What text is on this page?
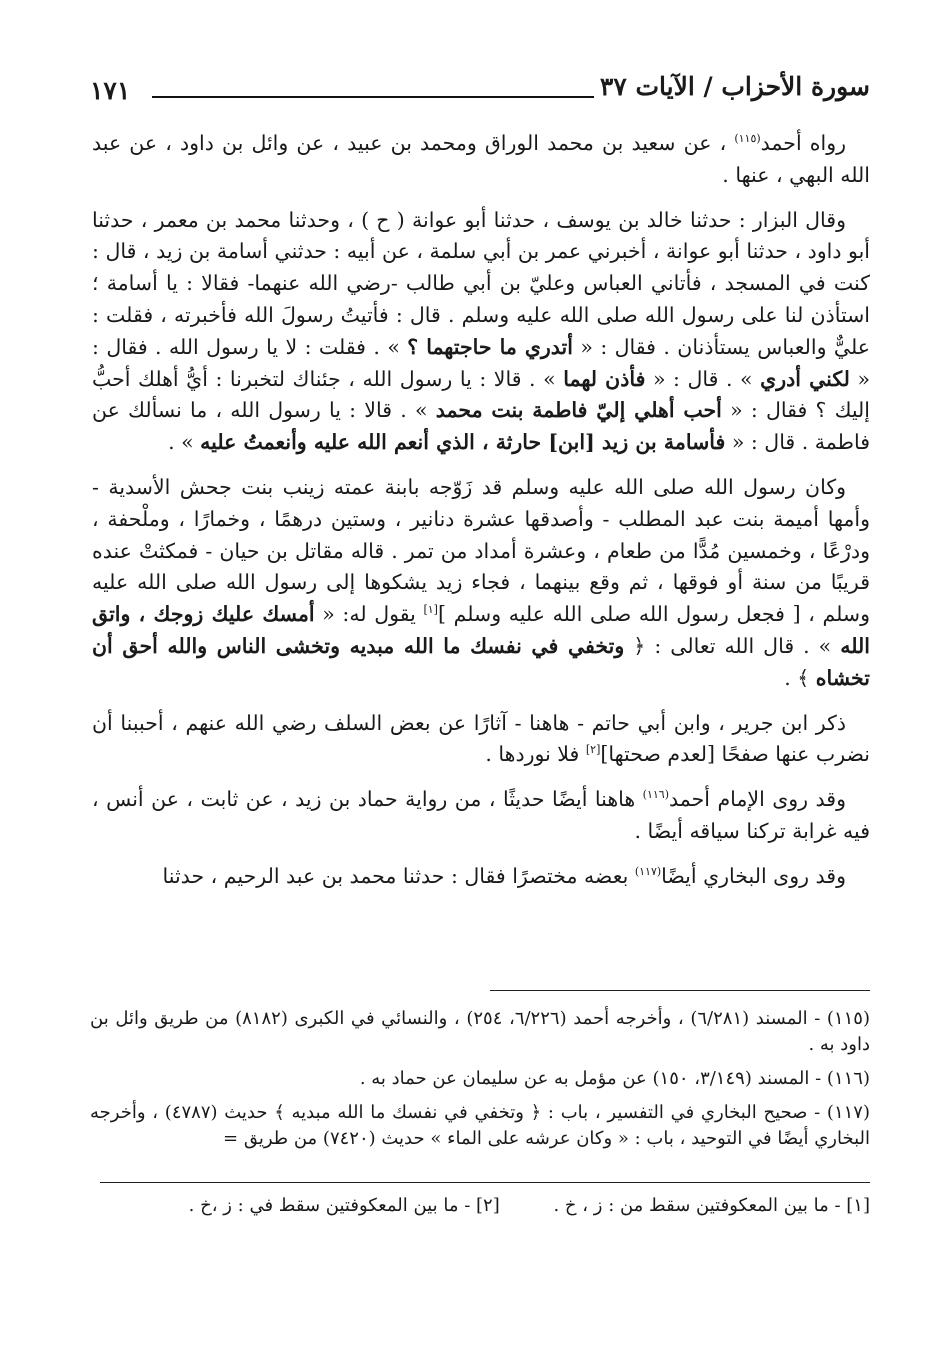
سورة الأحزاب / الآيات ٣٧
١٧١

رواه أحمد$^{(١١٥)}$ ، عن سعيد بن محمد الوراق ومحمد بن عبيد ، عن وائل بن داود ، عن عبد الله البهي ، عنها .

وقال البزار : حدثنا خالد بن يوسف ، حدثنا أبو عوانة ( ح ) ، وحدثنا محمد بن معمر ، حدثنا أبو داود ، حدثنا أبو عوانة ، أخبرني عمر بن أبي سلمة ، عن أبيه : حدثني أسامة بن زيد ، قال : كنت في المسجد ، فأتاني العباس وعليّ بن أبي طالب -رضي الله عنهما- فقالا : يا أسامة ؛ استأذن لنا على رسول الله صلى الله عليه وسلم . قال : فأتيتُ رسولَ الله فأخبرته ، فقلت : عليٌّ والعباس يستأذنان . فقال : « أتدري ما حاجتهما ؟ » . فقلت : لا يا رسول الله . فقال : « لكني أدري » . قال : « فأذن لهما » . قالا : يا رسول الله ، جئناك لتخبرنا : أيُّ أهلك أحبُّ إليك ؟ فقال : « أحب أهلي إليّ فاطمة بنت محمد » . قالا : يا رسول الله ، ما نسألك عن فاطمة . قال : « فأسامة بن زيد [ابن] حارثة ، الذي أنعم الله عليه وأنعمتُ عليه » .

وكان رسول الله صلى الله عليه وسلم قد زَوّجه بابنة عمته زينب بنت جحش الأسدية - وأمها أميمة بنت عبد المطلب - وأصدقها عشرة دنانير ، وستين درهمًا ، وخمارًا ، وملْحفة ، ودرْعًا ، وخمسين مُدًّا من طعام ، وعشرة أمداد من تمر . قاله مقاتل بن حيان - فمكثتْ عنده قريبًا من سنة أو فوقها ، ثم وقع بينهما ، فجاء زيد يشكوها إلى رسول الله صلى الله عليه وسلم ، [ فجعل رسول الله صلى الله عليه وسلم ][١] يقول له: « أمسك عليك زوجك ، واتق الله » . قال الله تعالى : ﴿ وتخفي في نفسك ما الله مبديه وتخشى الناس والله أحق أن تخشاه ﴾ .

ذكر ابن جرير ، وابن أبي حاتم - هاهنا - آثارًا عن بعض السلف رضي الله عنهم ، أحببنا أن نضرب عنها صفحًا [لعدم صحتها][٢] فلا نوردها .

وقد روى الإمام أحمد$^{(١١٦)}$ هاهنا أيضًا حديثًا ، من رواية حماد بن زيد ، عن ثابت ، عن أنس ، فيه غرابة تركنا سياقه أيضًا .

وقد روى البخاري أيضًا$^{(١١٧)}$ بعضه مختصرًا فقال : حدثنا محمد بن عبد الرحيم ، حدثنا

(١١٥) - المسند (٦/٢٨١) ، وأخرجه أحمد (٦/٢٢٦، ٢٥٤) ، والنسائي في الكبرى (٨١٨٢) من طريق وائل بن داود به .

(١١٦) - المسند (٣/١٤٩، ١٥٠) عن مؤمل به عن سليمان عن حماد به .

(١١٧) - صحيح البخاري في التفسير ، باب : ﴿ وتخفي في نفسك ما الله مبديه ﴾ حديث (٤٧٨٧) ، وأخرجه البخاري أيضًا في التوحيد ، باب : « وكان عرشه على الماء » حديث (٧٤٢٠) من طريق =

[١] - ما بين المعكوفتين سقط من : ز ، خ . [٢] - ما بين المعكوفتين سقط في : ز ،خ .
